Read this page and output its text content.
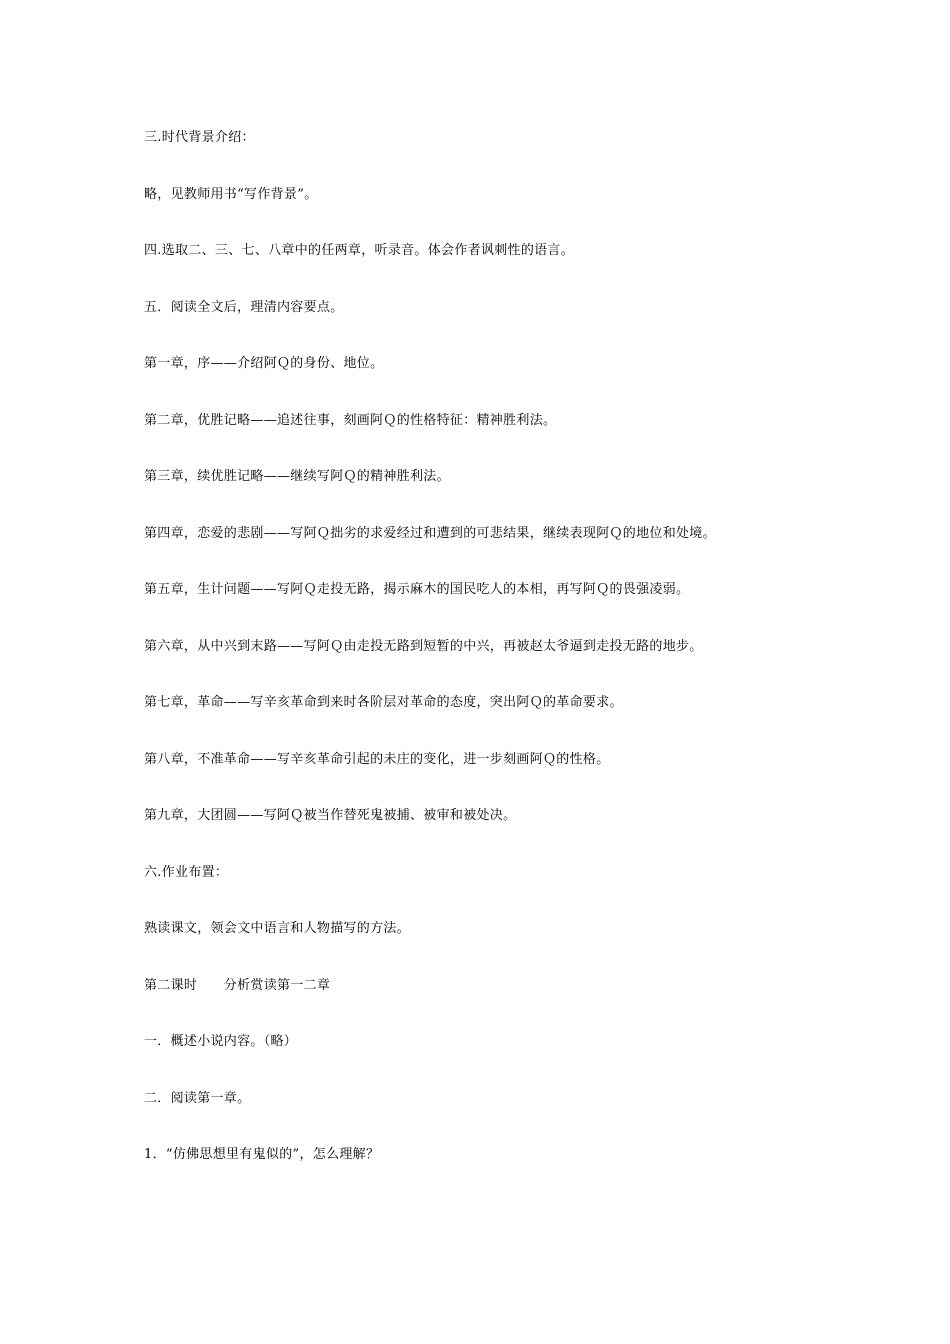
三.时代背景介绍：
略，见教师用书“写作背景”。
四.选取二、三、七、八章中的任两章，听录音。体会作者讽刺性的语言。
五．阅读全文后，理清内容要点。
第一章，序——介绍阿Ｑ的身份、地位。
第二章，优胜记略——追述往事，刻画阿Ｑ的性格特征：精神胜利法。
第三章，续优胜记略——继续写阿Ｑ的精神胜利法。
第四章，恋爱的悲剧——写阿Ｑ拙劣的求爱经过和遭到的可悲结果，继续表现阿Ｑ的地位和处境。
第五章，生计问题——写阿Ｑ走投无路，揭示麻木的国民吃人的本相，再写阿Ｑ的畏强凌弱。
第六章，从中兴到末路——写阿Ｑ由走投无路到短暂的中兴，再被赵太爷逼到走投无路的地步。
第七章，革命——写辛亥革命到来时各阶层对革命的态度，突出阿Ｑ的革命要求。
第八章，不准革命——写辛亥革命引起的未庄的变化，进一步刻画阿Ｑ的性格。
第九章，大团圆——写阿Ｑ被当作替死鬼被捕、被审和被处决。
六.作业布置：
熟读课文，领会文中语言和人物描写的方法。
第二课时　　分析赏读第一二章
一．概述小说内容。（略）
二．阅读第一章。
1．“仿佛思想里有鬼似的”，怎么理解？
